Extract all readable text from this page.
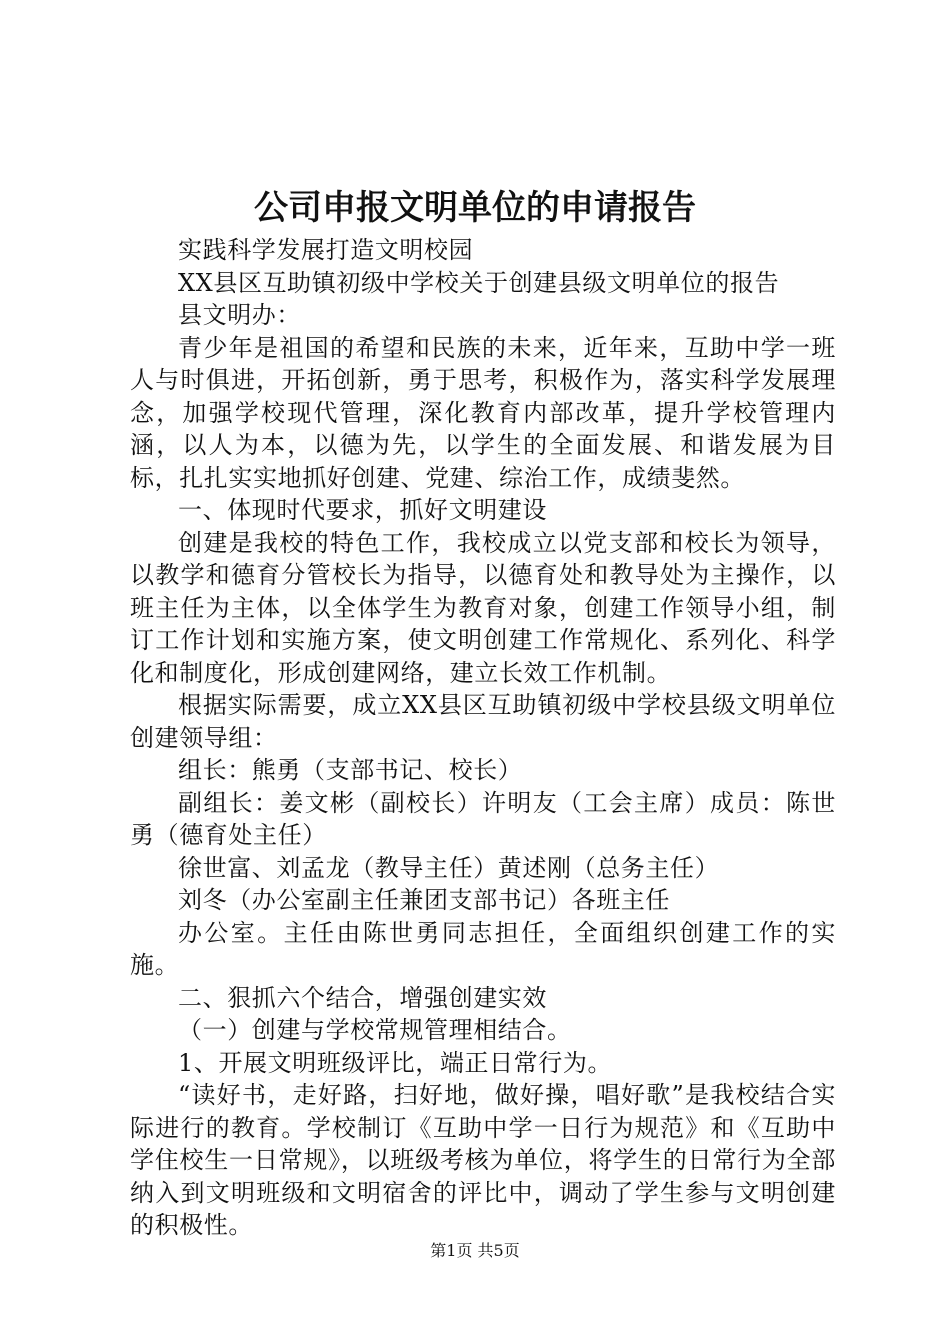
公司申报文明单位的申请报告

实践科学发展打造文明校园

XX县区互助镇初级中学校关于创建县级文明单位的报告

县文明办：

青少年是祖国的希望和民族的未来，近年来，互助中学一班人与时俱进，开拓创新，勇于思考，积极作为，落实科学发展理念，加强学校现代管理，深化教育内部改革，提升学校管理内涵，以人为本，以德为先，以学生的全面发展、和谐发展为目标，扎扎实实地抓好创建、党建、综治工作，成绩斐然。

一、体现时代要求，抓好文明建设

创建是我校的特色工作，我校成立以党支部和校长为领导，以教学和德育分管校长为指导，以德育处和教导处为主操作，以班主任为主体，以全体学生为教育对象，创建工作领导小组，制订工作计划和实施方案，使文明创建工作常规化、系列化、科学化和制度化，形成创建网络，建立长效工作机制。

根据实际需要，成立XX县区互助镇初级中学校县级文明单位创建领导组：

组长：熊勇（支部书记、校长）

副组长：姜文彬（副校长）许明友（工会主席）成员：陈世勇（德育处主任）

徐世富、刘孟龙（教导主任）黄述刚（总务主任）

刘冬（办公室副主任兼团支部书记）各班主任

办公室。主任由陈世勇同志担任，全面组织创建工作的实施。

二、狠抓六个结合，增强创建实效

（一）创建与学校常规管理相结合。

1、开展文明班级评比，端正日常行为。

“读好书，走好路，扫好地，做好操，唱好歌”是我校结合实际进行的教育。学校制订《互助中学一日行为规范》和《互助中学住校生一日常规》，以班级考核为单位，将学生的日常行为全部纳入到文明班级和文明宿舍的评比中，调动了学生参与文明创建的积极性。

第1页 共5页
